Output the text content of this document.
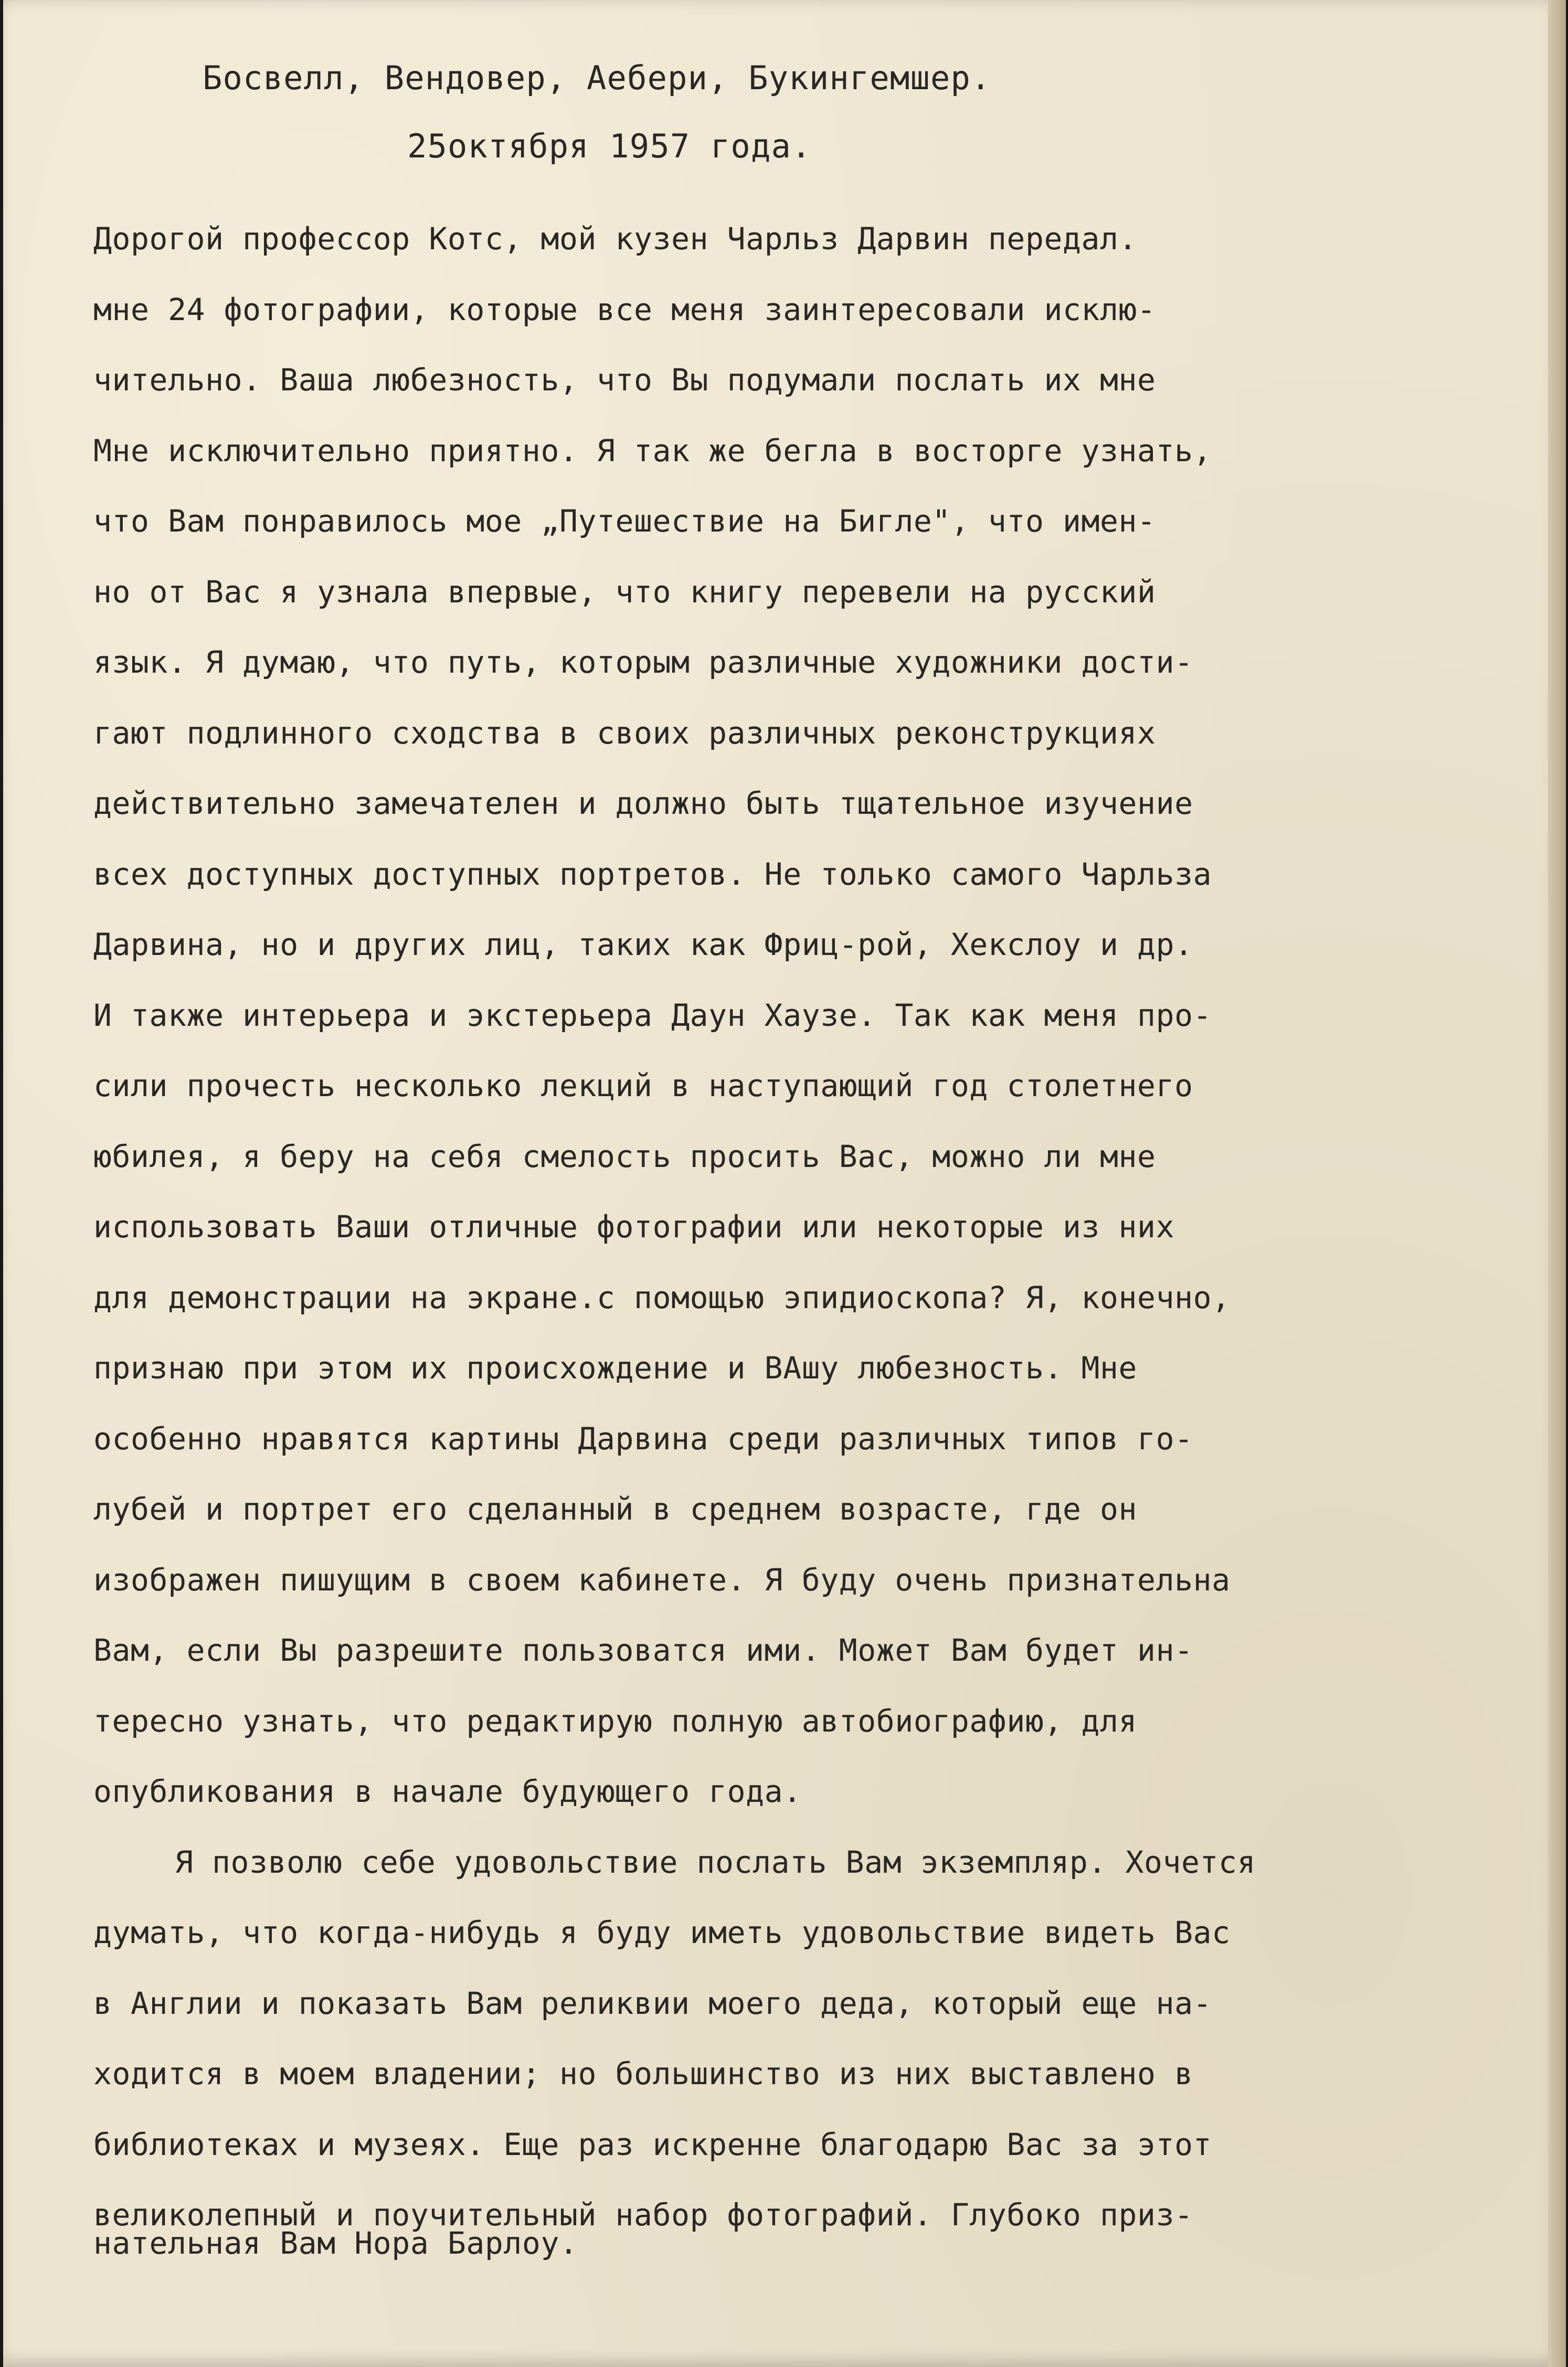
Босвелл, Вендовер, Аебери, Букингемшер.
25октября 1957 года.
Дорогой профессор Котс, мой кузен Чарльз Дарвин передал.
мне 24 фотографии, которые все меня заинтересовали исклю-
чительно. Ваша любезность, что Вы подумали послать их мне
Мне исключительно приятно. Я так же бегла в восторге узнать,
что Вам понравилось мое „Путешествие на Бигле", что имен-
но от Вас я узнала впервые, что книгу перевели на русский
язык. Я думаю, что путь, которым различные художники дости-
гают подлинного сходства в своих различных реконструкциях
действительно замечателен и должно быть тщательное изучение
всех доступных доступных портретов. Не только самого Чарльза
Дарвина, но и других лиц, таких как Фриц-рой, Хекслоу и др.
И также интерьера и экстерьера Даун Хаузе. Так как меня про-
сили прочесть несколько лекций в наступающий год столетнего
юбилея, я беру на себя смелость просить Вас, можно ли мне
использовать Ваши отличные фотографии или некоторые из них
для демонстрации на экране.с помощью эпидиоскопа? Я, конечно,
признаю при этом их происхождение и ВАшу любезность. Мне
особенно нравятся картины Дарвина среди различных типов го-
лубей и портрет его сделанный в среднем возрасте, где он
изображен пишущим в своем кабинете. Я буду очень признательна
Вам, если Вы разрешите пользоватся ими. Может Вам будет ин-
тересно узнать, что редактирую полную автобиографию, для
опубликования в начале будующего года.
Я позволю себе удовольствие послать Вам экземпляр. Хочется
думать, что когда-нибудь я буду иметь удовольствие видеть Вас
в Англии и показать Вам реликвии моего деда, который еще на-
ходится в моем владении; но большинство из них выставлено в
библиотеках и музеях. Еще раз искренне благодарю Вас за этот
великолепный и поучительный набор фотографий. Глубоко приз-
нательная Вам Нора Барлоу.
